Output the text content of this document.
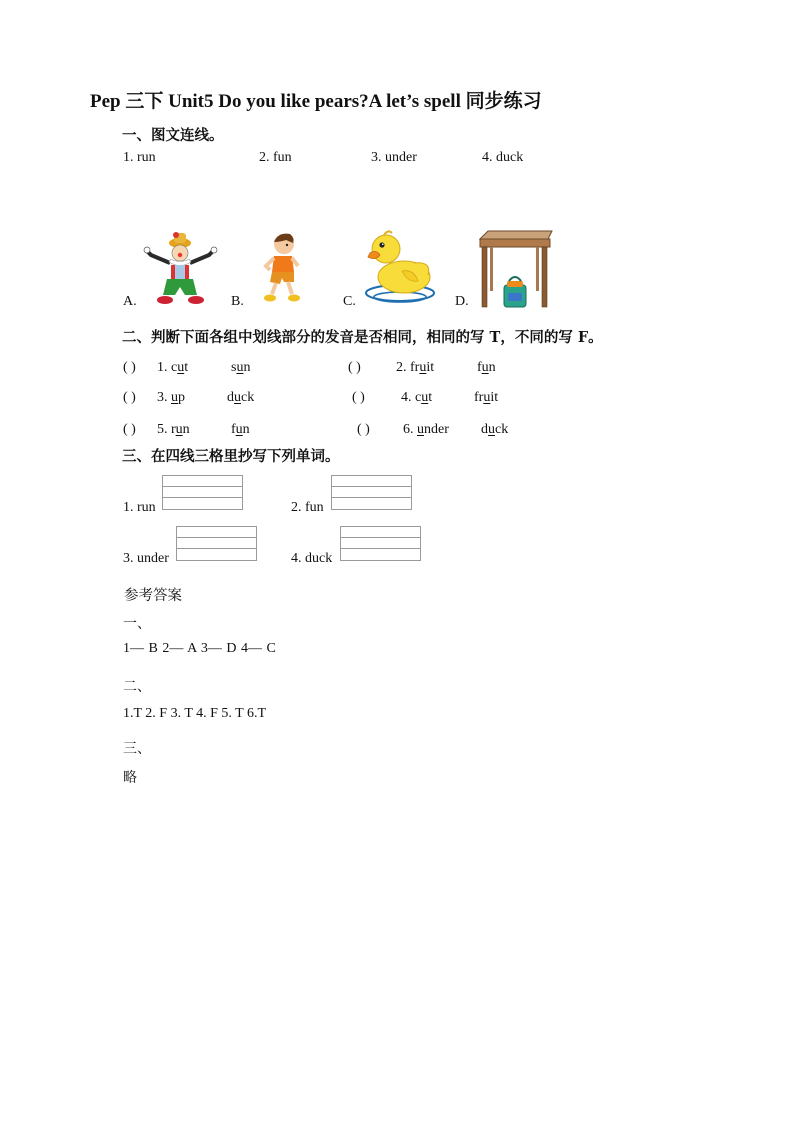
Pep 三下 Unit5 Do you like pears?A let’s spell 同步练习
一、图文连线。
1. run	2. fun	3. under	4. duck
A.	B.	C.	D.
二、判断下面各组中划线部分的发音是否相同，相同的写 T，不同的写 F。
( ) 1. cut	sun	( )	2. fruit	fun
( ) 3. up	duck	( )	4. cut	fruit
( ) 5. run	fun	( ) 6. under duck
三、在四线三格里抄写下列单词。
1. run	2. fun
3. under	4. duck
参考答案
一、
1— B 2— A 3— D 4— C
二、
1.T 2. F 3. T 4. F 5. T 6.T
三、
略
